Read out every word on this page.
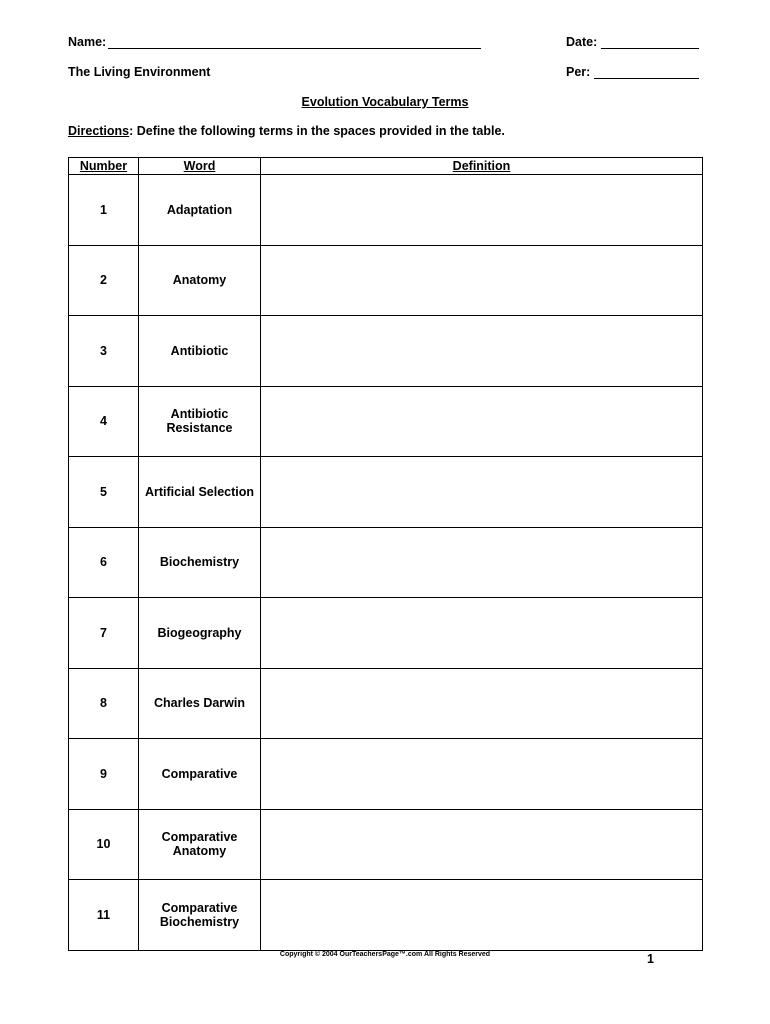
Name:	Date:
The Living Environment	Per:
Evolution Vocabulary Terms
Directions: Define the following terms in the spaces provided in the table.
Number	Word	Definition
1	Adaptation	
2	Anatomy	
3	Antibiotic	
4	Antibiotic Resistance	
5	Artificial Selection	
6	Biochemistry	
7	Biogeography	
8	Charles Darwin	
9	Comparative	
10	Comparative Anatomy	
11	Comparative Biochemistry	
Copyright © 2004 OurTeachersPage™.com All Rights Reserved	1
